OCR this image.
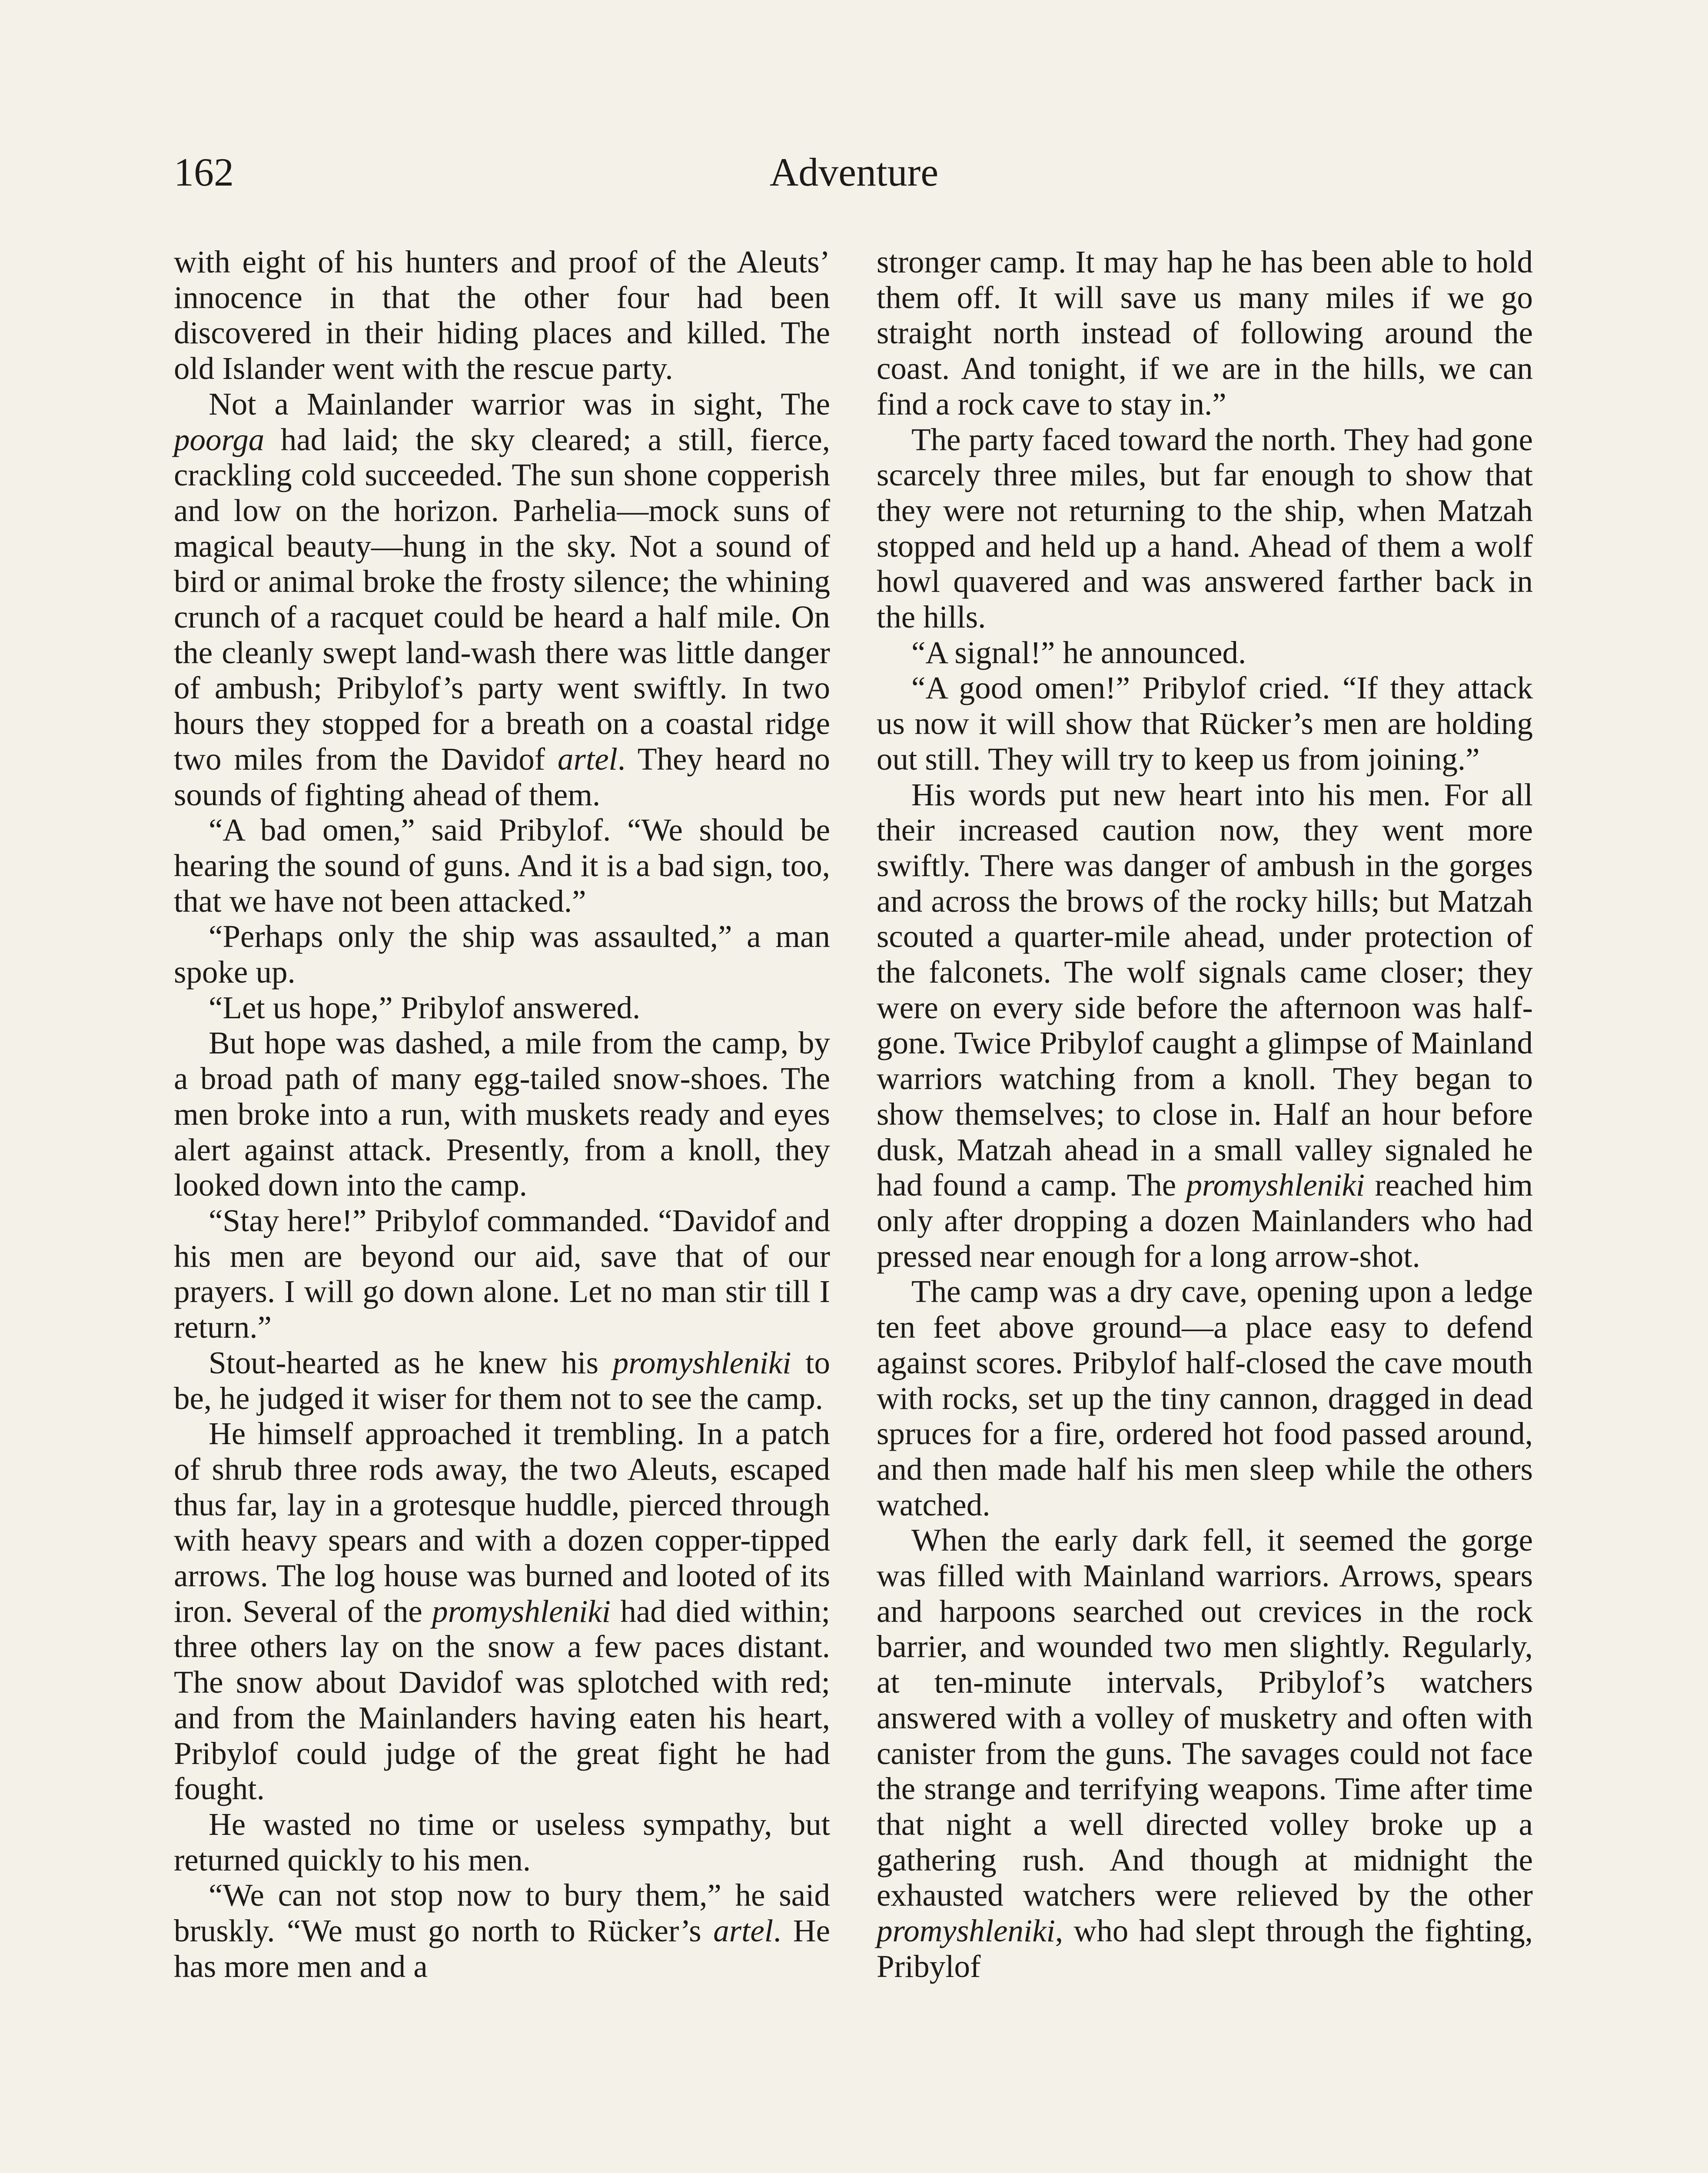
162	Adventure

with eight of his hunters and proof of the Aleuts’ innocence in that the other four had been discovered in their hiding places and killed. The old Islander went with the rescue party.

Not a Mainlander warrior was in sight, The poorga had laid; the sky cleared; a still, fierce, crackling cold succeeded. The sun shone copperish and low on the horizon. Parhelia—mock suns of magical beauty—hung in the sky. Not a sound of bird or animal broke the frosty silence; the whining crunch of a racquet could be heard a half mile. On the cleanly swept land-wash there was little danger of ambush; Pribylof’s party went swiftly. In two hours they stopped for a breath on a coastal ridge two miles from the Davidof artel. They heard no sounds of fighting ahead of them.

“A bad omen,” said Pribylof. “We should be hearing the sound of guns. And it is a bad sign, too, that we have not been attacked.”

“Perhaps only the ship was assaulted,” a man spoke up.

“Let us hope,” Pribylof answered.

But hope was dashed, a mile from the camp, by a broad path of many egg-tailed snow-shoes. The men broke into a run, with muskets ready and eyes alert against attack. Presently, from a knoll, they looked down into the camp.

“Stay here!” Pribylof commanded. “Davidof and his men are beyond our aid, save that of our prayers. I will go down alone. Let no man stir till I return.”

Stout-hearted as he knew his promyshleniki to be, he judged it wiser for them not to see the camp.

He himself approached it trembling. In a patch of shrub three rods away, the two Aleuts, escaped thus far, lay in a grotesque huddle, pierced through with heavy spears and with a dozen copper-tipped arrows. The log house was burned and looted of its iron. Several of the promyshleniki had died within; three others lay on the snow a few paces distant. The snow about Davidof was splotched with red; and from the Mainlanders having eaten his heart, Pribylof could judge of the great fight he had fought.

He wasted no time or useless sympathy, but returned quickly to his men.

“We can not stop now to bury them,” he said bruskly. “We must go north to Rücker’s artel. He has more men and a

stronger camp. It may hap he has been able to hold them off. It will save us many miles if we go straight north instead of following around the coast. And tonight, if we are in the hills, we can find a rock cave to stay in.”

The party faced toward the north. They had gone scarcely three miles, but far enough to show that they were not returning to the ship, when Matzah stopped and held up a hand. Ahead of them a wolf howl quavered and was answered farther back in the hills.

“A signal!” he announced.

“A good omen!” Pribylof cried. “If they attack us now it will show that Rücker’s men are holding out still. They will try to keep us from joining.”

His words put new heart into his men. For all their increased caution now, they went more swiftly. There was danger of ambush in the gorges and across the brows of the rocky hills; but Matzah scouted a quarter-mile ahead, under protection of the falconets. The wolf signals came closer; they were on every side before the afternoon was half-gone. Twice Pribylof caught a glimpse of Mainland warriors watching from a knoll. They began to show themselves; to close in. Half an hour before dusk, Matzah ahead in a small valley signaled he had found a camp. The promyshleniki reached him only after dropping a dozen Mainlanders who had pressed near enough for a long arrow-shot.

The camp was a dry cave, opening upon a ledge ten feet above ground—a place easy to defend against scores. Pribylof half-closed the cave mouth with rocks, set up the tiny cannon, dragged in dead spruces for a fire, ordered hot food passed around, and then made half his men sleep while the others watched.

When the early dark fell, it seemed the gorge was filled with Mainland warriors. Arrows, spears and harpoons searched out crevices in the rock barrier, and wounded two men slightly. Regularly, at ten-minute intervals, Pribylof’s watchers answered with a volley of musketry and often with canister from the guns. The savages could not face the strange and terrifying weapons. Time after time that night a well directed volley broke up a gathering rush. And though at midnight the exhausted watchers were relieved by the other promyshleniki, who had slept through the fighting, Pribylof
